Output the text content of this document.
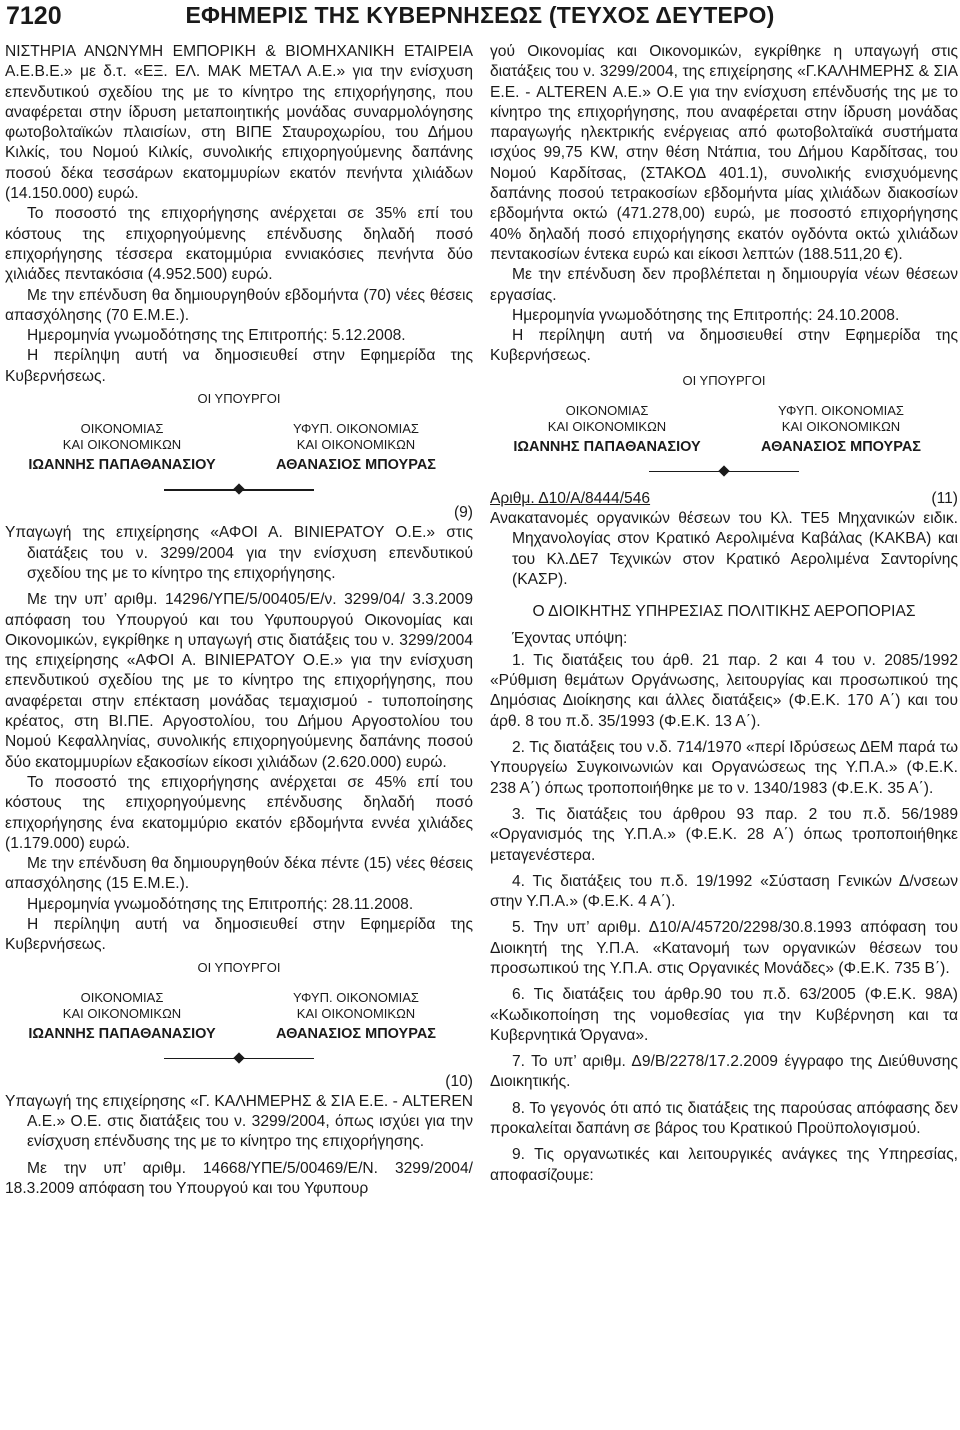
7120	ΕΦΗΜΕΡΙΣ ΤΗΣ ΚΥΒΕΡΝΗΣΕΩΣ (ΤΕΥΧΟΣ ΔΕΥΤΕΡΟ)

ΝΙΣΤΗΡΙΑ ΑΝΩΝΥΜΗ ΕΜΠΟΡΙΚΗ & ΒΙΟΜΗΧΑΝΙΚΗ ΕΤΑΙΡΕΙΑ Α.Ε.Β.Ε.» με δ.τ. «ΕΞ. ΕΛ. ΜΑΚ ΜΕΤΑΛ Α.Ε.» για την ενίσχυση επενδυτικού σχεδίου της με το κίνητρο της επιχορήγησης, που αναφέρεται στην ίδρυση μεταποιητικής μονάδας συναρμολόγησης φωτοβολταϊκών πλαισίων, στη ΒΙΠΕ Σταυροχωρίου, του Δήμου Κιλκίς, του Νομού Κιλκίς, συνολικής επιχορηγούμενης δαπάνης ποσού δέκα τεσσάρων εκατομμυρίων εκατόν πενήντα χιλιάδων (14.150.000) ευρώ.

Το ποσοστό της επιχορήγησης ανέρχεται σε 35% επί του κόστους της επιχορηγούμενης επένδυσης δηλαδή ποσό επιχορήγησης τέσσερα εκατομμύρια εννιακόσιες πενήντα δύο χιλιάδες πεντακόσια (4.952.500) ευρώ.

Με την επένδυση θα δημιουργηθούν εβδομήντα (70) νέες θέσεις απασχόλησης (70 Ε.Μ.Ε.).

Ημερομηνία γνωμοδότησης της Επιτροπής: 5.12.2008.

Η περίληψη αυτή να δημοσιευθεί στην Εφημερίδα της Κυβερνήσεως.

ΟΙ ΥΠΟΥΡΓΟΙ
ΟΙΚΟΝΟΜΙΑΣ
ΚΑΙ ΟΙΚΟΝΟΜΙΚΩΝ
ΥΦΥΠ. ΟΙΚΟΝΟΜΙΑΣ
ΚΑΙ ΟΙΚΟΝΟΜΙΚΩΝ
ΙΩΑΝΝΗΣ ΠΑΠΑΘΑΝΑΣΙΟΥ	ΑΘΑΝΑΣΙΟΣ ΜΠΟΥΡΑΣ
(9)

Υπαγωγή της επιχείρησης «ΑΦΟΙ Α. ΒΙΝΙΕΡΑΤΟΥ Ο.Ε.» στις διατάξεις του ν. 3299/2004 για την ενίσχυση επενδυτικού σχεδίου της με το κίνητρο της επιχορήγησης.

Με την υπ’ αριθμ. 14296/ΥΠΕ/5/00405/Ε/ν. 3299/04/ 3.3.2009 απόφαση του Υπουργού και του Υφυπουργού Οικονομίας και Οικονομικών, εγκρίθηκε η υπαγωγή στις διατάξεις του ν. 3299/2004 της επιχείρησης «ΑΦΟΙ Α. ΒΙΝΙΕΡΑΤΟΥ Ο.Ε.» για την ενίσχυση επενδυτικού σχεδίου της με το κίνητρο της επιχορήγησης, που αναφέρεται στην επέκταση μονάδας τεμαχισμού - τυποποίησης κρέατος, στη ΒΙ.ΠΕ. Αργοστολίου, του Δήμου Αργοστολίου του Νομού Κεφαλληνίας, συνολικής επιχορηγούμενης δαπάνης ποσού δύο εκατομμυρίων εξακοσίων είκοσι χιλιάδων (2.620.000) ευρώ.

Το ποσοστό της επιχορήγησης ανέρχεται σε 45% επί του κόστους της επιχορηγούμενης επένδυσης δηλαδή ποσό επιχορήγησης ένα εκατομμύριο εκατόν εβδομήντα εννέα χιλιάδες (1.179.000) ευρώ.

Με την επένδυση θα δημιουργηθούν δέκα πέντε (15) νέες θέσεις απασχόλησης (15 Ε.Μ.Ε.).

Ημερομηνία γνωμοδότησης της Επιτροπής: 28.11.2008.

Η περίληψη αυτή να δημοσιευθεί στην Εφημερίδα της Κυβερνήσεως.

ΟΙ ΥΠΟΥΡΓΟΙ
ΟΙΚΟΝΟΜΙΑΣ
ΚΑΙ ΟΙΚΟΝΟΜΙΚΩΝ
ΥΦΥΠ. ΟΙΚΟΝΟΜΙΑΣ
ΚΑΙ ΟΙΚΟΝΟΜΙΚΩΝ
ΙΩΑΝΝΗΣ ΠΑΠΑΘΑΝΑΣΙΟΥ	ΑΘΑΝΑΣΙΟΣ ΜΠΟΥΡΑΣ
(10)

Υπαγωγή της επιχείρησης «Γ. ΚΑΛΗΜΕΡΗΣ & ΣΙΑ Ε.Ε. - ALTEREN Α.Ε.» Ο.Ε. στις διατάξεις του ν. 3299/2004, όπως ισχύει για την ενίσχυση επένδυσης της με το κίνητρο της επιχορήγησης.

Με την υπ’ αριθμ. 14668/ΥΠΕ/5/00469/Ε/Ν. 3299/2004/ 18.3.2009 απόφαση του Υπουργού και του Υφυπουρ

γού Οικονομίας και Οικονομικών, εγκρίθηκε η υπαγωγή στις διατάξεις του ν. 3299/2004, της επιχείρησης «Γ.ΚΑΛΗΜΕΡΗΣ & ΣΙΑ Ε.Ε. - ALTEREN Α.Ε.» Ο.Ε για την ενίσχυση επένδυσής της με το κίνητρο της επιχορήγησης, που αναφέρεται στην ίδρυση μονάδας παραγωγής ηλεκτρικής ενέργειας από φωτοβολταϊκά συστήματα ισχύος 99,75 KW, στην θέση Ντάπια, του Δήμου Καρδίτσας, του Νομού Καρδίτσας, (ΣΤΑΚΟΔ 401.1), συνολικής ενισχυόμενης δαπάνης ποσού τετρακοσίων εβδομήντα μίας χιλιάδων διακοσίων εβδομήντα οκτώ (471.278,00) ευρώ, με ποσοστό επιχορήγησης 40% δηλαδή ποσό επιχορήγησης εκατόν ογδόντα οκτώ χιλιάδων πεντακοσίων έντεκα ευρώ και είκοσι λεπτών (188.511,20 €).

Με την επένδυση δεν προβλέπεται η δημιουργία νέων θέσεων εργασίας.

Ημερομηνία γνωμοδότησης της Επιτροπής: 24.10.2008.

Η περίληψη αυτή να δημοσιευθεί στην Εφημερίδα της Κυβερνήσεως.

ΟΙ ΥΠΟΥΡΓΟΙ
ΟΙΚΟΝΟΜΙΑΣ
ΚΑΙ ΟΙΚΟΝΟΜΙΚΩΝ
ΥΦΥΠ. ΟΙΚΟΝΟΜΙΑΣ
ΚΑΙ ΟΙΚΟΝΟΜΙΚΩΝ
ΙΩΑΝΝΗΣ ΠΑΠΑΘΑΝΑΣΙΟΥ	ΑΘΑΝΑΣΙΟΣ ΜΠΟΥΡΑΣ
Αριθμ. Δ10/Α/8444/546	(11)

Ανακατανομές οργανικών θέσεων του Κλ. ΤΕ5 Μηχανικών ειδικ. Μηχανολογίας στον Κρατικό Αερολιμένα Καβάλας (ΚΑΚΒΑ) και του Κλ.ΔΕ7 Τεχνικών στον Κρατικό Αερολιμένα Σαντορίνης (ΚΑΣΡ).

Ο ΔΙΟΙΚΗΤΗΣ ΥΠΗΡΕΣΙΑΣ ΠΟΛΙΤΙΚΗΣ ΑΕΡΟΠΟΡΙΑΣ

Έχοντας υπόψη:

1. Τις διατάξεις του άρθ. 21 παρ. 2 και 4 του ν. 2085/1992 «Ρύθμιση θεμάτων Οργάνωσης, λειτουργίας και προσωπικού της Δημόσιας Διοίκησης και άλλες διατάξεις» (Φ.Ε.Κ. 170 Α΄) και του άρθ. 8 του π.δ. 35/1993 (Φ.Ε.Κ. 13 Α΄).

2. Τις διατάξεις του ν.δ. 714/1970 «περί Ιδρύσεως ΔΕΜ παρά τω Υπουργείω Συγκοινωνιών και Οργανώσεως της Υ.Π.Α.» (Φ.Ε.Κ. 238 Α΄) όπως τροποποιήθηκε με το ν. 1340/1983 (Φ.Ε.Κ. 35 Α΄).

3. Τις διατάξεις του άρθρου 93 παρ. 2 του π.δ. 56/1989 «Οργανισμός της Υ.Π.Α.» (Φ.Ε.Κ. 28 Α΄) όπως τροποποιήθηκε μεταγενέστερα.

4. Τις διατάξεις του π.δ. 19/1992 «Σύσταση Γενικών Δ/νσεων στην Υ.Π.Α.» (Φ.Ε.Κ. 4 Α΄).

5. Την υπ’ αριθμ. Δ10/Α/45720/2298/30.8.1993 απόφαση του Διοικητή της Υ.Π.Α. «Κατανομή των οργανικών θέσεων του προσωπικού της Υ.Π.Α. στις Οργανικές Μονάδες» (Φ.Ε.Κ. 735 Β΄).

6. Τις διατάξεις του άρθρ.90 του π.δ. 63/2005 (Φ.Ε.Κ. 98Α) «Κωδικοποίηση της νομοθεσίας για την Κυβέρνηση και τα Κυβερνητικά Όργανα».

7. Το υπ’ αριθμ. Δ9/Β/2278/17.2.2009 έγγραφο της Διεύθυνσης Διοικητικής.

8. Το γεγονός ότι από τις διατάξεις της παρούσας απόφασης δεν προκαλείται δαπάνη σε βάρος του Κρατικού Προϋπολογισμού.

9. Τις οργανωτικές και λειτουργικές ανάγκες της Υπηρεσίας, αποφασίζουμε:
